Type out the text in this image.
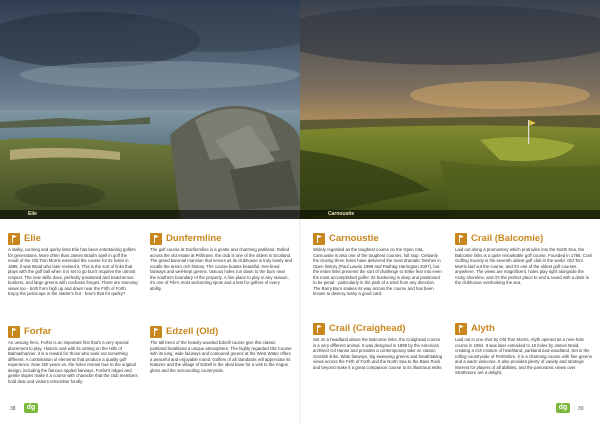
Elie	Carnoustie
Elie
A stalky, cunning and quirky links Elie has been entertaining golfers for generations. More often than James Braid's spell in golf the result of the Old Tom Morris extended the course for its holes in 1895, it was Braid who later revised it. This is the sort of links that plays with the golf ball when it is set to go but it requires the utmost respect. The new skills does, perfectly positioned and treacherous bunkers, and large greens with confuses fringes. There are stunning views too - both from high up and down near the Firth of Forth. Enjoy the periscope in the starter's hut - how's that for quirky?
Dunfermline
The golf course at Dunfermline is a gentle and charming parkland. Rolled across the old estate at Pitfirrane, the club is one of the oldest in Scotland. The grand baronial mansion that serves as its clubhouse is truly lovely and recalls the area's rich history. The course boasts beautiful, tree-lined fairways and well-kept greens. Various holes run down to the burn near the southern boundary of the property. A fine place to play in any season, it's one of Fife's most welcoming spots and a test for golfers of every ability.
Forfar
An unsung hero, Forfar is an important first that's a very special placement to play. Historic and with its setting on the Hills of Balmashanner, it is a reward for those who seek out something different. A combination of elements that produce a quality golf experience. Now 150 years on, the holes remain true to the original design, including the famous rippled fairways. Forfar's ridges and gentle slopes make it a course with character that the club members hold dear and visitors remember fondly.
Edzell (Old)
The tall trees of the heavily wooded Edzell course give this classic parkland heathland a unique atmosphere. The highly regarded Old Course with its long, wide fairways and contoured greens at the West Water offers a peaceful and enjoyable round. Golfers of all standards will appreciate its features and the village of Edzell is the ideal base for a visit to the Angus glens and the surrounding countryside.
Carnoustie
Widely regarded as the toughest course on the Open rota, Carnoustie is also one of the toughest courses, full stop. Certainly the closing three holes have delivered the most dramatic finishes in Open history (Paul Lawrie 1999 and Padraig Harrington 2007), but the entire links presents the sort of challenge to strike fear into even the most accomplished golfer. Its bunkering is deep and positioned to be penal - particularly in the path of a wind from any direction. The Barry Burn snakes its way across the course and has been known to destroy many a good card.
Crail (Balcomie)
Laid out along a promontory which protrudes into the North Sea, the Balcomie links is a quite remarkable golf course. Founded in 1786, Crail Golfing Society is the seventh oldest golf club in the world. Old Tom Morris laid out the course, and it's one of the oldest golf courses anywhere. The views are magnificent, holes play right alongside the rocky shoreline, and it's the perfect place to end a round with a drink in the clubhouse overlooking the sea.
Crail (Craighead)
Set on a headland above the Balcomie links, the Craighead course is a very different animal. It was designed in 1998 by the American architect Gil Hanse and provides a contemporary take on classic Scottish links. Wide fairways, big sweeping greens and breathtaking views across the Firth of Forth and the North Sea to the Bass Rock and beyond make it a great companion course to its illustrious elder.
Alyth
Laid out in one shot by Old Tom Morris, Alyth opened as a nine-hole course in 1894. It was later extended to 18 holes by James Braid, creating a rich mixture of heathland, parkland and woodland. Set in the rolling countryside of Perthshire, it is a charming course with fine greens and a warm welcome. It also provides plenty of variety and strategic interest for players of all abilities, and the panoramic views over Strathmore are a delight.
38	dg	dg	39
